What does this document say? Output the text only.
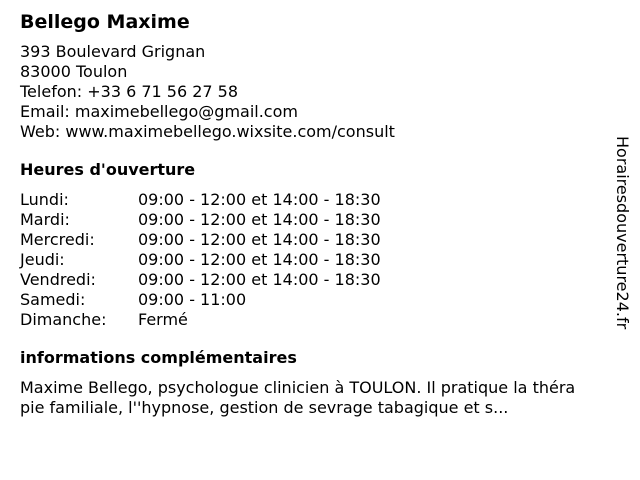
Bellego Maxime
393 Boulevard Grignan
83000 Toulon
Telefon: +33 6 71 56 27 58
Email: maximebellego@gmail.com
Web: www.maximebellego.wixsite.com/consult
Heures d'ouverture
Lundi:	09:00 - 12:00 et 14:00 - 18:30
Mardi:	09:00 - 12:00 et 14:00 - 18:30
Mercredi:	09:00 - 12:00 et 14:00 - 18:30
Jeudi:	09:00 - 12:00 et 14:00 - 18:30
Vendredi:	09:00 - 12:00 et 14:00 - 18:30
Samedi:	09:00 - 11:00
Dimanche:	Fermé
informations complémentaires
Maxime Bellego, psychologue clinicien à TOULON. Il pratique la théra
pie familiale, l''hypnose, gestion de sevrage tabagique et s...
Horairesdouverture24.fr
